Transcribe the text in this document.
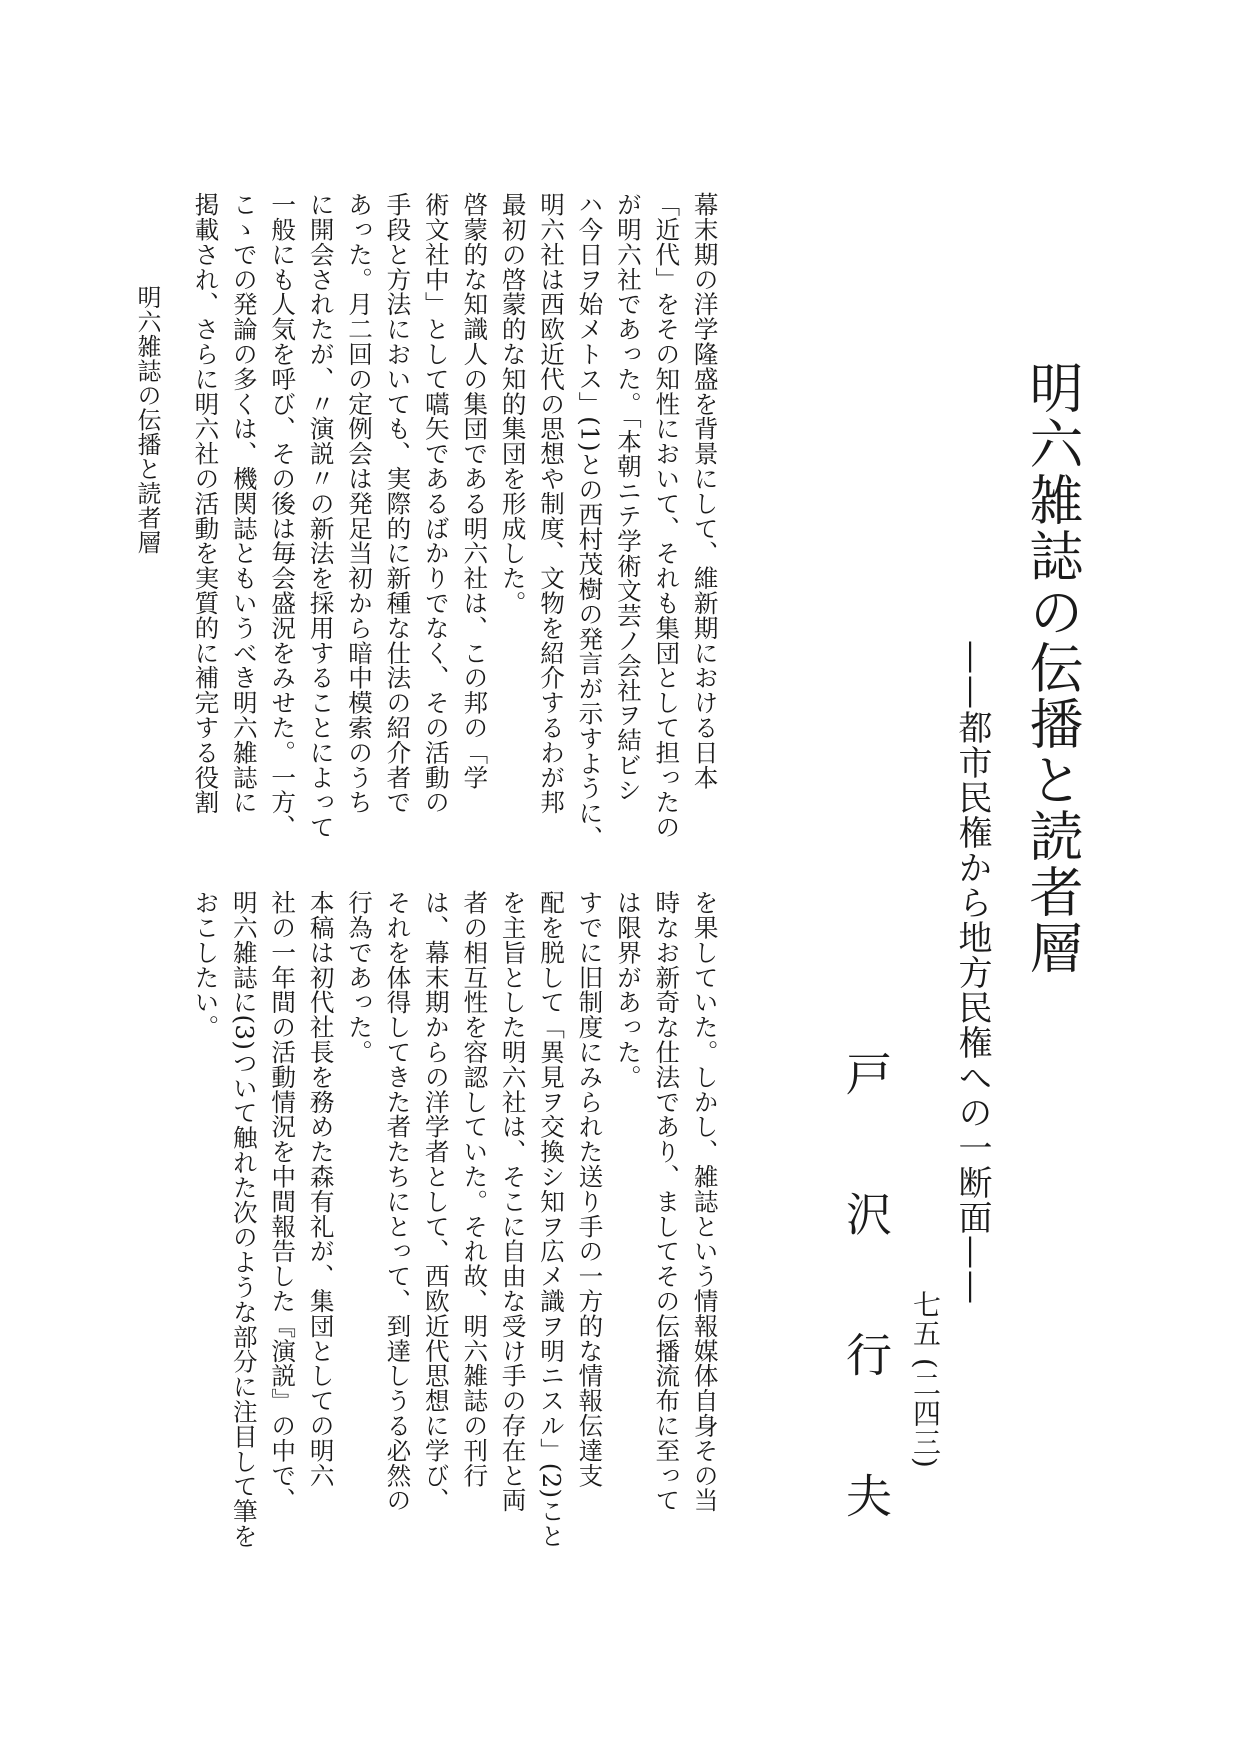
明六雑誌の伝播と読者層
——都市民権から地方民権への一断面——
戸 沢 行 夫
幕末期の洋学隆盛を背景にして、維新期における日本
「近代」をその知性において、それも集団として担ったの
が明六社であった。「本朝ニテ学術文芸ノ会社ヲ結ビシ
ハ今日ヲ始メトス」(1)との西村茂樹の発言が示すように、
明六社は西欧近代の思想や制度、文物を紹介するわが邦
最初の啓蒙的な知的集団を形成した。
啓蒙的な知識人の集団である明六社は、この邦の「学
術文社中」として嚆矢であるばかりでなく、その活動の
手段と方法においても、実際的に新種な仕法の紹介者で
あった。月二回の定例会は発足当初から暗中模索のうち
に開会されたが、〃演説〃の新法を採用することによって
一般にも人気を呼び、その後は毎会盛況をみせた。一方、
こゝでの発論の多くは、機関誌ともいうべき明六雑誌に
掲載され、さらに明六社の活動を実質的に補完する役割
を果していた。しかし、雑誌という情報媒体自身その当
時なお新奇な仕法であり、ましてその伝播流布に至って
は限界があった。
すでに旧制度にみられた送り手の一方的な情報伝達支
配を脱して「異見ヲ交換シ知ヲ広メ識ヲ明ニスル」(2)こと
を主旨とした明六社は、そこに自由な受け手の存在と両
者の相互性を容認していた。それ故、明六雑誌の刊行
は、幕末期からの洋学者として、西欧近代思想に学び、
それを体得してきた者たちにとって、到達しうる必然の
行為であった。
本稿は初代社長を務めた森有礼が、集団としての明六
社の一年間の活動情況を中間報告した『演説』の中で、
明六雑誌に(3)ついて触れた次のような部分に注目して筆を
おこしたい。
明六雑誌の伝播と読者層
七五 (二四三)
